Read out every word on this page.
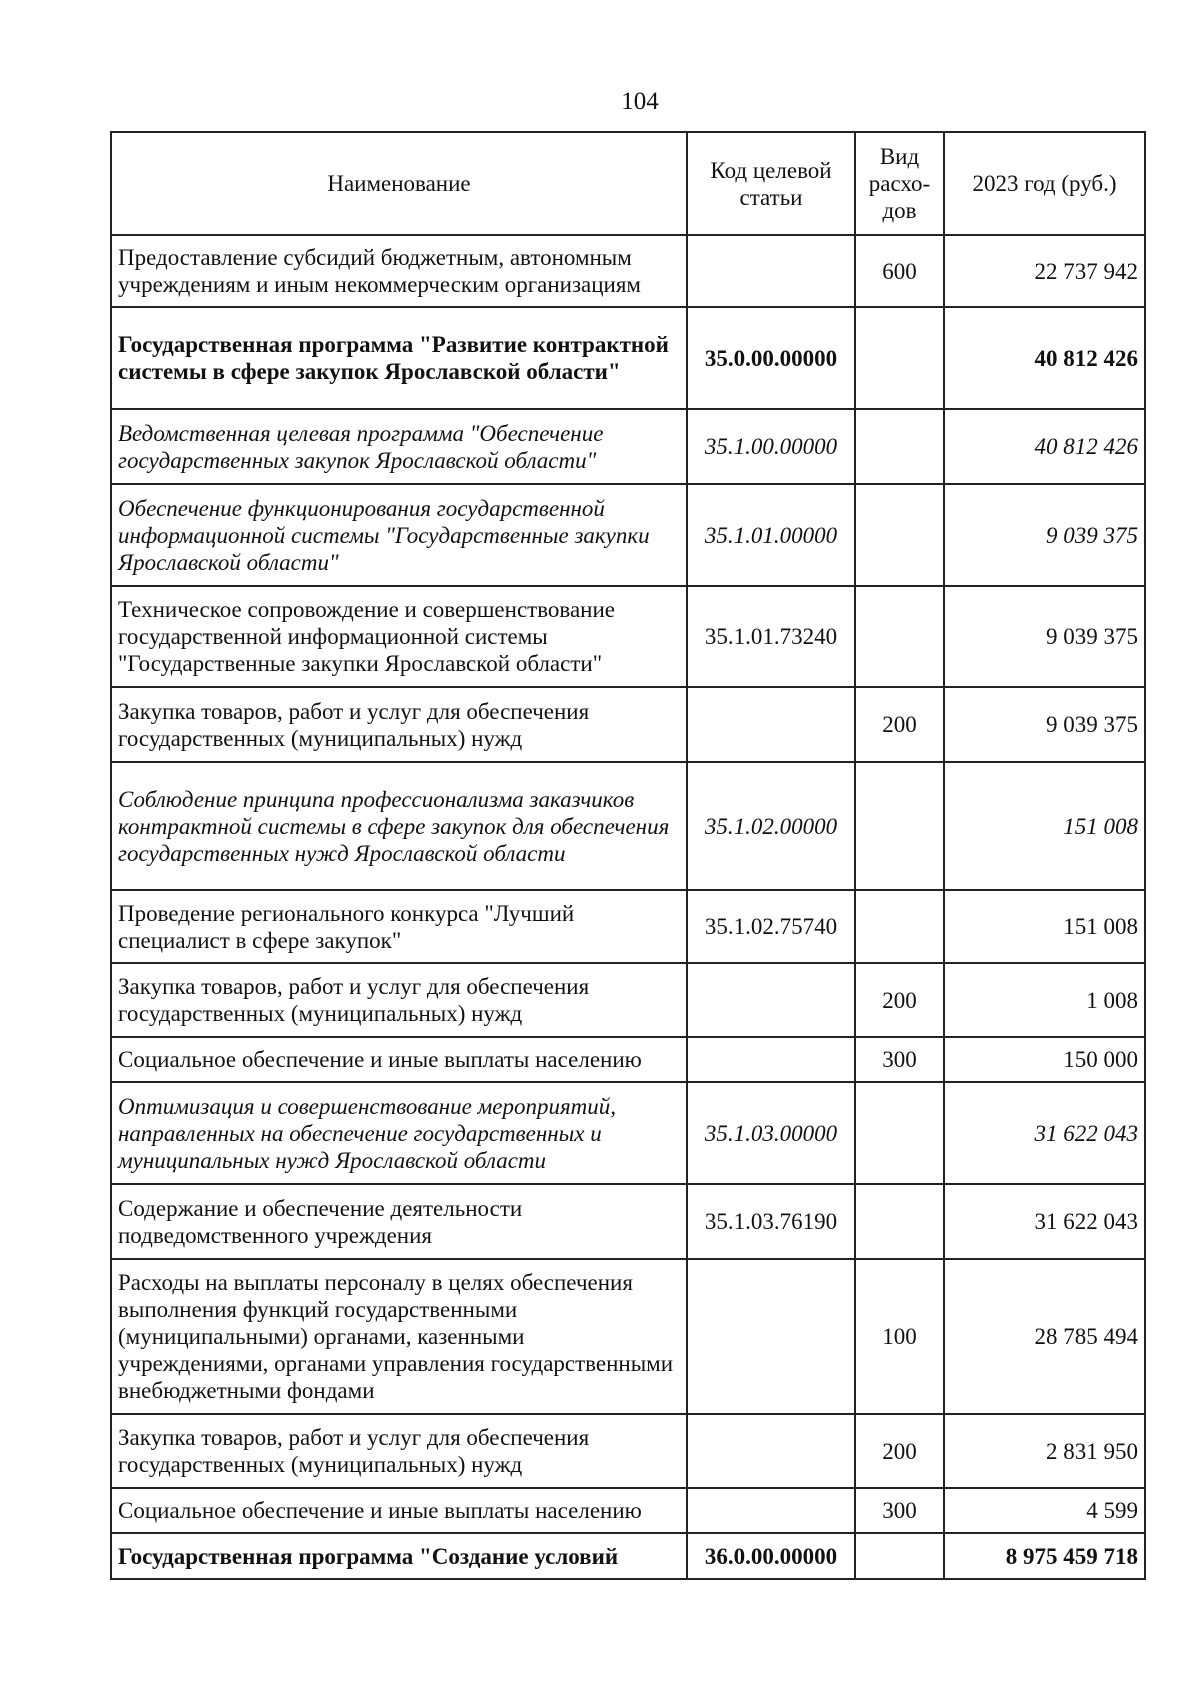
104
Наименование	Код целевой статьи	Вид расхо- дов	2023 год (руб.)
Предоставление субсидий бюджетным, автономным учреждениям и иным некоммерческим организациям		600	22 737 942
Государственная программа "Развитие контрактной системы в сфере закупок Ярославской области"	35.0.00.00000		40 812 426
Ведомственная целевая программа "Обеспечение государственных закупок Ярославской области"	35.1.00.00000		40 812 426
Обеспечение функционирования государственной информационной системы "Государственные закупки Ярославской области"	35.1.01.00000		9 039 375
Техническое сопровождение и совершенствование государственной информационной системы "Государственные закупки Ярославской области"	35.1.01.73240		9 039 375
Закупка товаров, работ и услуг для обеспечения государственных (муниципальных) нужд		200	9 039 375
Соблюдение принципа профессионализма заказчиков контрактной системы в сфере закупок для обеспечения государственных нужд Ярославской области	35.1.02.00000		151 008
Проведение регионального конкурса "Лучший специалист в сфере закупок"	35.1.02.75740		151 008
Закупка товаров, работ и услуг для обеспечения государственных (муниципальных) нужд		200	1 008
Социальное обеспечение и иные выплаты населению		300	150 000
Оптимизация и совершенствование мероприятий, направленных на обеспечение государственных и муниципальных нужд Ярославской области	35.1.03.00000		31 622 043
Содержание и обеспечение деятельности подведомственного учреждения	35.1.03.76190		31 622 043
Расходы на выплаты персоналу в целях обеспечения выполнения функций государственными (муниципальными) органами, казенными учреждениями, органами управления государственными внебюджетными фондами		100	28 785 494
Закупка товаров, работ и услуг для обеспечения государственных (муниципальных) нужд		200	2 831 950
Социальное обеспечение и иные выплаты населению		300	4 599
Государственная программа "Создание условий	36.0.00.00000		8 975 459 718
